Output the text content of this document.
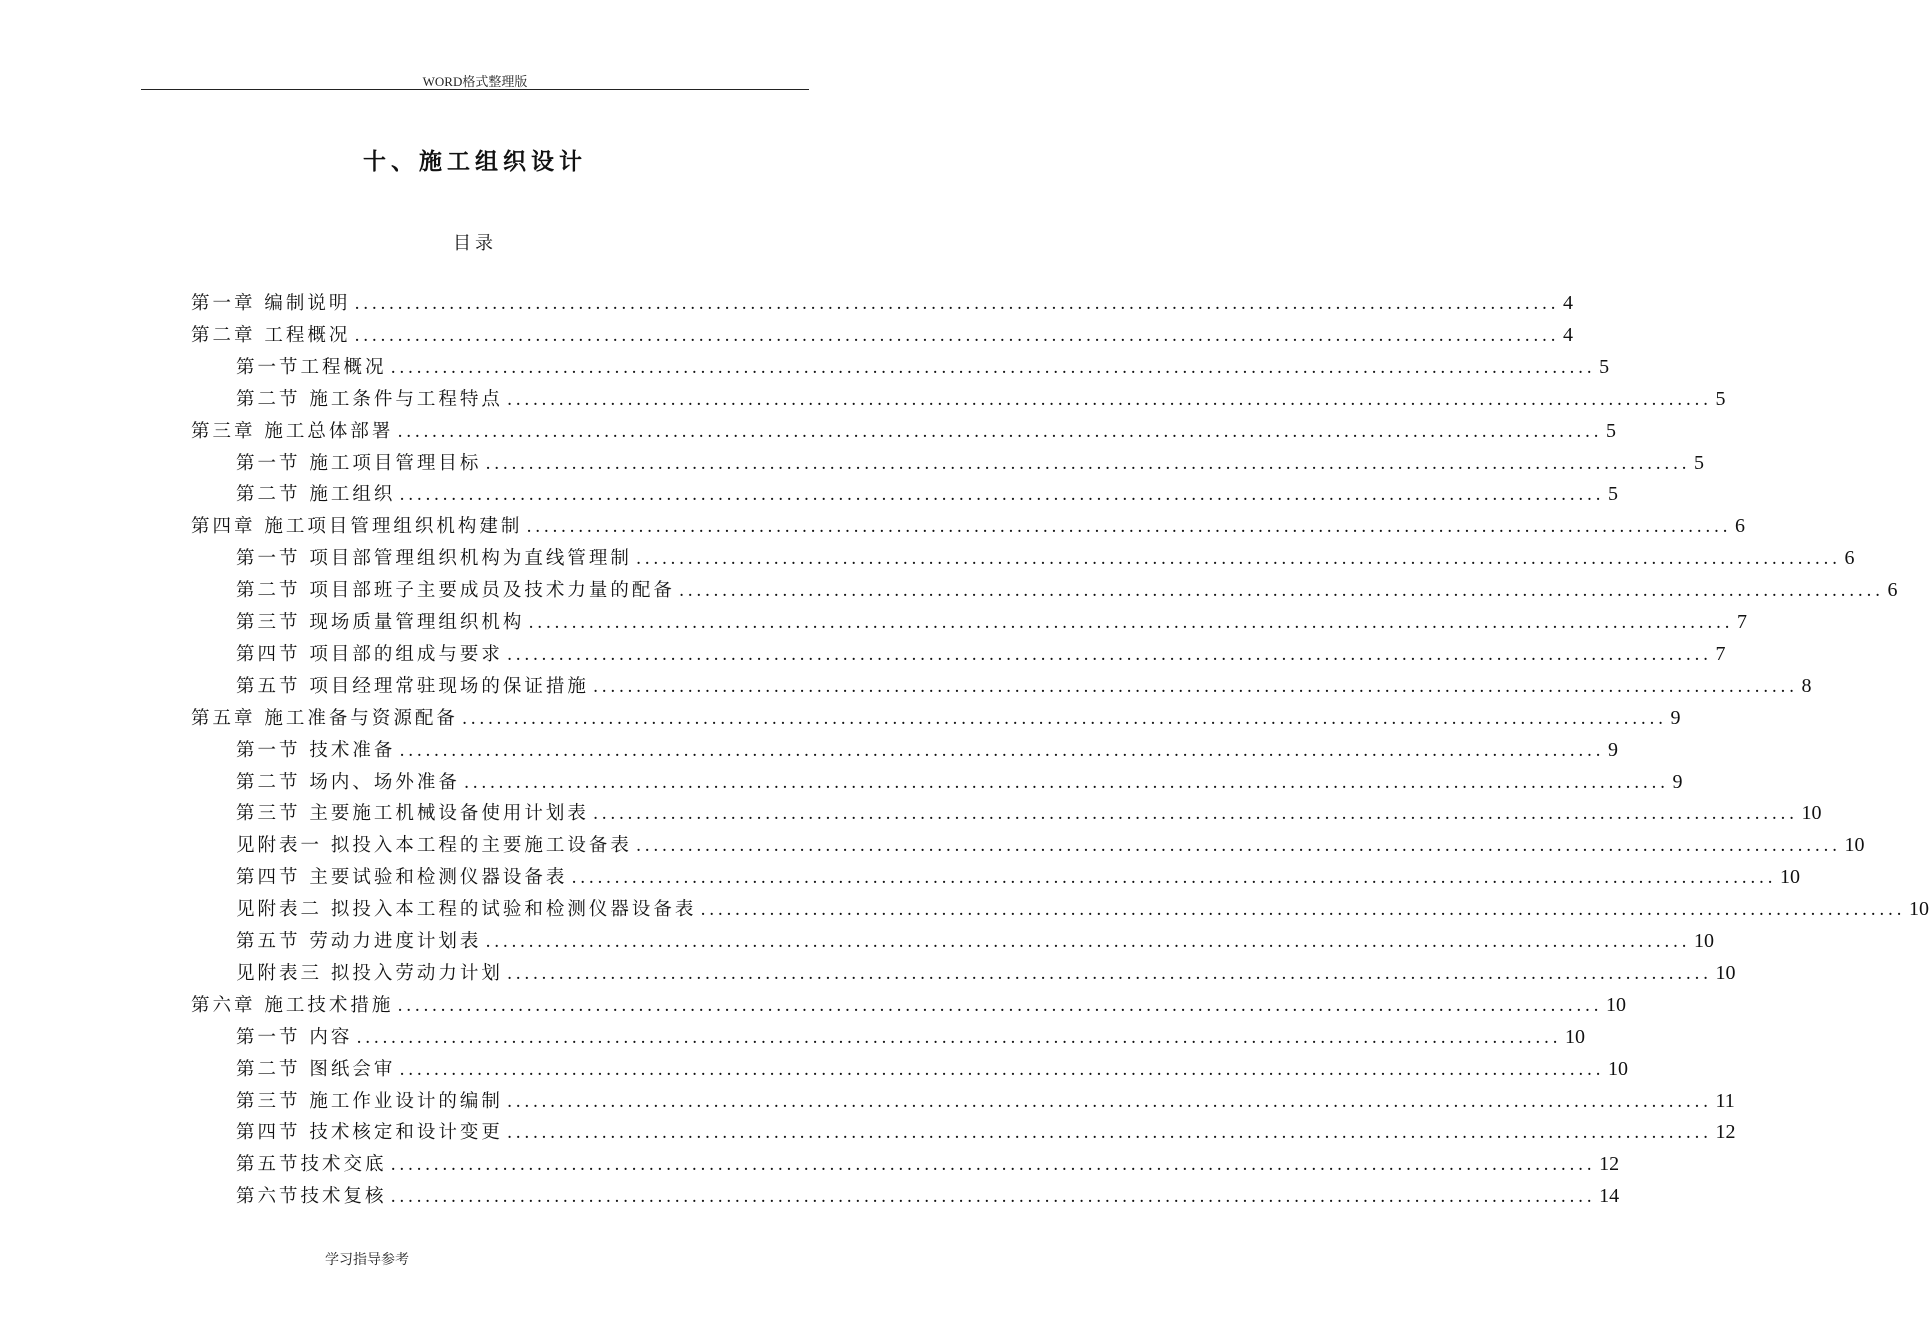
WORD格式整理版
十、施工组织设计
目录
第一章 编制说明 ............................................................................................................................................ 4
第二章 工程概况 ............................................................................................................................................ 4
第一节工程概况 ............................................................................................................................................ 5
第二节 施工条件与工程特点 ............................................................................................................................................ 5
第三章 施工总体部署 ............................................................................................................................................ 5
第一节 施工项目管理目标 ............................................................................................................................................ 5
第二节 施工组织 ............................................................................................................................................ 5
第四章 施工项目管理组织机构建制 ............................................................................................................................................ 6
第一节 项目部管理组织机构为直线管理制 ............................................................................................................................................ 6
第二节 项目部班子主要成员及技术力量的配备 ............................................................................................................................................ 6
第三节 现场质量管理组织机构 ............................................................................................................................................ 7
第四节 项目部的组成与要求 ............................................................................................................................................ 7
第五节 项目经理常驻现场的保证措施 ............................................................................................................................................ 8
第五章 施工准备与资源配备 ............................................................................................................................................ 9
第一节 技术准备 ............................................................................................................................................ 9
第二节 场内、场外准备 ............................................................................................................................................ 9
第三节 主要施工机械设备使用计划表 ............................................................................................................................................ 10
见附表一 拟投入本工程的主要施工设备表 ............................................................................................................................................ 10
第四节 主要试验和检测仪器设备表 ............................................................................................................................................ 10
见附表二 拟投入本工程的试验和检测仪器设备表 ............................................................................................................................................ 10
第五节 劳动力进度计划表 ............................................................................................................................................ 10
见附表三 拟投入劳动力计划 ............................................................................................................................................ 10
第六章 施工技术措施 ............................................................................................................................................ 10
第一节 内容 ............................................................................................................................................ 10
第二节 图纸会审 ............................................................................................................................................ 10
第三节 施工作业设计的编制 ............................................................................................................................................ 11
第四节 技术核定和设计变更 ............................................................................................................................................ 12
第五节技术交底 ............................................................................................................................................ 12
第六节技术复核 ............................................................................................................................................ 14
学习指导参考
